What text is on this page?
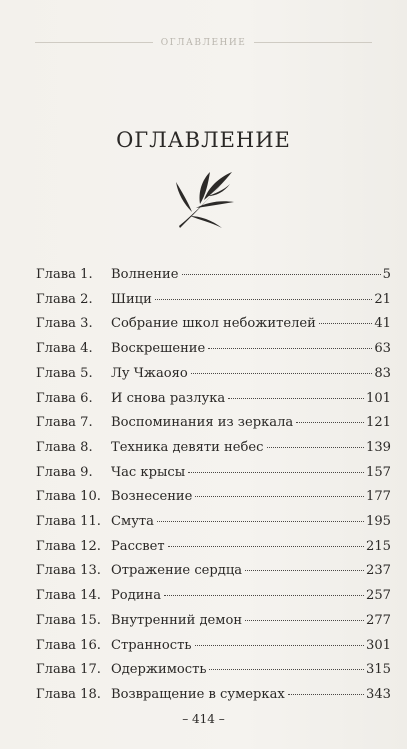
ОГЛАВЛЕНИЕ
ОГЛАВЛЕНИЕ
Глава 1.	Волнение	5
Глава 2.	Шици	21
Глава 3.	Собрание школ небожителей	41
Глава 4.	Воскрешение	63
Глава 5.	Лу Чжаояо	83
Глава 6.	И снова разлука	101
Глава 7.	Воспоминания из зеркала	121
Глава 8.	Техника девяти небес	139
Глава 9.	Час крысы	157
Глава 10. Вознесение	177
Глава 11. Смута	195
Глава 12. Рассвет	215
Глава 13. Отражение сердца	237
Глава 14. Родина	257
Глава 15. Внутренний демон	277
Глава 16. Странность	301
Глава 17. Одержимость	315
Глава 18. Возвращение в сумерках	343
– 414 –
